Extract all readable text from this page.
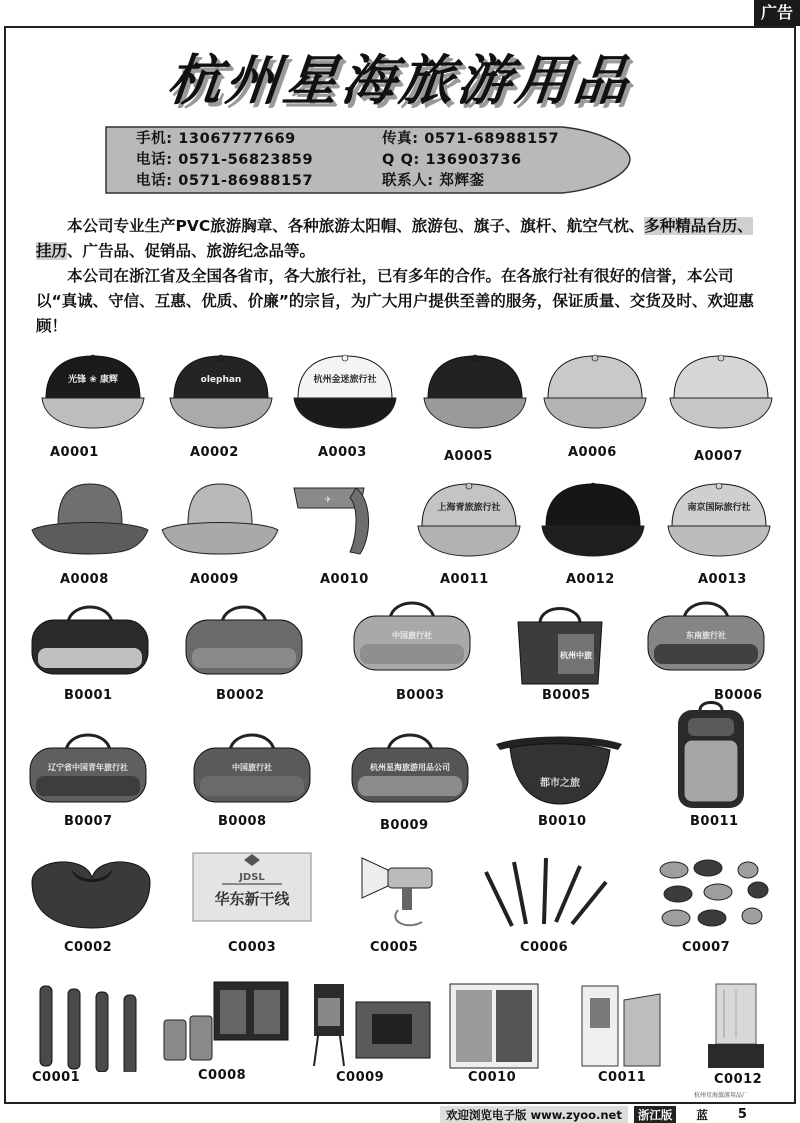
广告
杭州星海旅游用品
手机: 13067777669	传真: 0571-68988157
电话: 0571-56823859	Q Q: 136903736
电话: 0571-86988157	联系人: 郑辉銮

本公司专业生产PVC旅游胸章、各种旅游太阳帽、旅游包、旗子、旗杆、航空气枕、多种精品台历、挂历、广告品、促销品、旅游纪念品等。

本公司在浙江省及全国各省市，各大旅行社，已有多年的合作。在各旅行社有很好的信誉，本公司以“真诚、守信、互惠、优质、价廉”的宗旨，为广大用户提供至善的服务，保证质量、交货及时、欢迎惠顾！

光锋 ❀ 康辉
A0001
olephan
A0002
杭州金迷旅行社
A0003	A0005	A0006	A0007
A0008	A0009
✈
A0010
上海青旅旅行社
A0011	A0012
南京国际旅行社
A0013
B0001	B0002
中国旅行社
B0003
杭州中旅
B0005
东南旅行社
B0006
辽宁省中国青年旅行社
B0007
中国旅行社
B0008
杭州星海旅游用品公司
B0009
都市之旅
B0010	B0011
C0002
JDSL
华东新干线
C0003	C0005	C0006	C0007
C0001	C0008	C0009	C0010	C0011	C0012
杭州星海旅游用品厂
欢迎浏览电子版 www.zyoo.net	浙江版	蓝 5
